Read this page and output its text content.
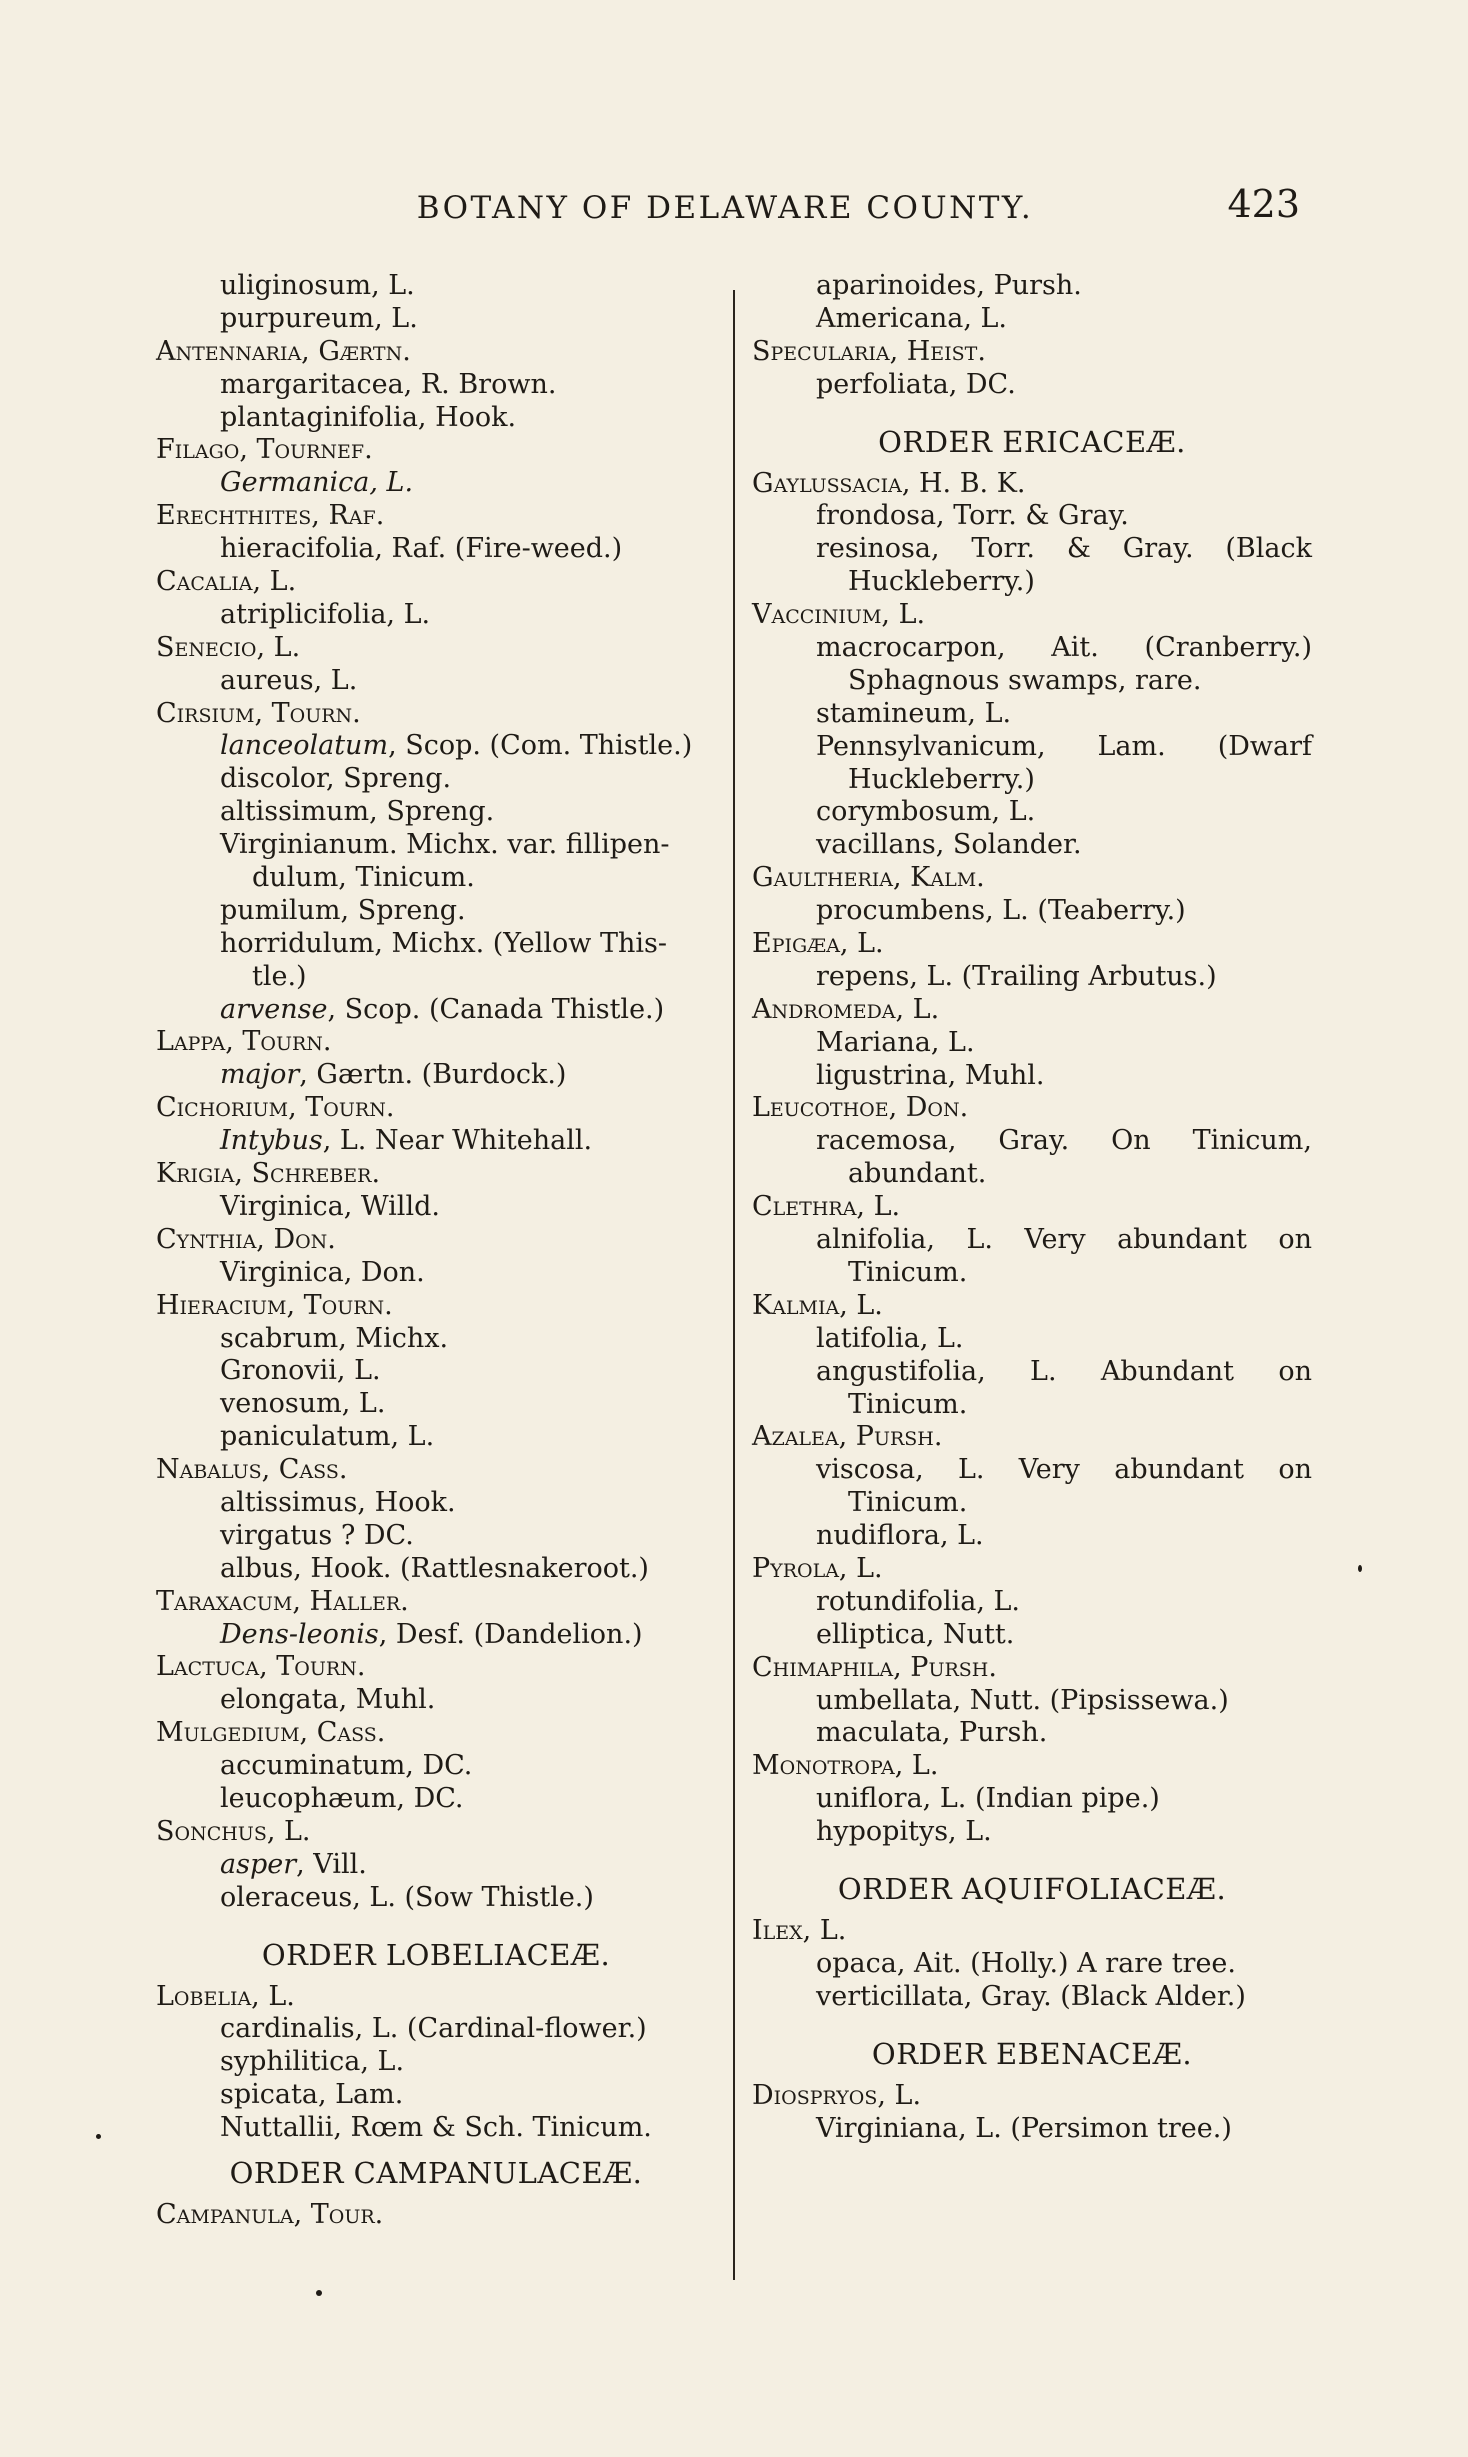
BOTANY OF DELAWARE COUNTY.	423
uliginosum, L.
purpureum, L.
Antennaria, Gærtn.
margaritacea, R. Brown.
plantaginifolia, Hook.
Filago, Tournef.
Germanica, L.
Erechthites, Raf.
hieracifolia, Raf. (Fire-weed.)
Cacalia, L.
atriplicifolia, L.
Senecio, L.
aureus, L.
Cirsium, Tourn.
lanceolatum, Scop. (Com. Thistle.)
discolor, Spreng.
altissimum, Spreng.
Virginianum. Michx. var. fillipen-
dulum, Tinicum.
pumilum, Spreng.
horridulum, Michx. (Yellow This-
tle.)
arvense, Scop. (Canada Thistle.)
Lappa, Tourn.
major, Gærtn. (Burdock.)
Cichorium, Tourn.
Intybus, L. Near Whitehall.
Krigia, Schreber.
Virginica, Willd.
Cynthia, Don.
Virginica, Don.
Hieracium, Tourn.
scabrum, Michx.
Gronovii, L.
venosum, L.
paniculatum, L.
Nabalus, Cass.
altissimus, Hook.
virgatus ? DC.
albus, Hook. (Rattlesnakeroot.)
Taraxacum, Haller.
Dens-leonis, Desf. (Dandelion.)
Lactuca, Tourn.
elongata, Muhl.
Mulgedium, Cass.
accuminatum, DC.
leucophæum, DC.
Sonchus, L.
asper, Vill.
oleraceus, L. (Sow Thistle.)
ORDER LOBELIACEÆ.
Lobelia, L.
cardinalis, L. (Cardinal-flower.)
syphilitica, L.
spicata, Lam.
Nuttallii, Rœm & Sch. Tinicum.
ORDER CAMPANULACEÆ.
Campanula, Tour.
aparinoides, Pursh.
Americana, L.
Specularia, Heist.
perfoliata, DC.
ORDER ERICACEÆ.
Gaylussacia, H. B. K.
frondosa, Torr. & Gray.
resinosa, Torr. & Gray. (Black
Huckleberry.)
Vaccinium, L.
macrocarpon, Ait. (Cranberry.)
Sphagnous swamps, rare.
stamineum, L.
Pennsylvanicum, Lam. (Dwarf
Huckleberry.)
corymbosum, L.
vacillans, Solander.
Gaultheria, Kalm.
procumbens, L. (Teaberry.)
Epigæa, L.
repens, L. (Trailing Arbutus.)
Andromeda, L.
Mariana, L.
ligustrina, Muhl.
Leucothoe, Don.
racemosa, Gray. On Tinicum,
abundant.
Clethra, L.
alnifolia, L. Very abundant on
Tinicum.
Kalmia, L.
latifolia, L.
angustifolia, L. Abundant on
Tinicum.
Azalea, Pursh.
viscosa, L. Very abundant on
Tinicum.
nudiflora, L.
Pyrola, L.
rotundifolia, L.
elliptica, Nutt.
Chimaphila, Pursh.
umbellata, Nutt. (Pipsissewa.)
maculata, Pursh.
Monotropa, L.
uniflora, L. (Indian pipe.)
hypopitys, L.
ORDER AQUIFOLIACEÆ.
Ilex, L.
opaca, Ait. (Holly.) A rare tree.
verticillata, Gray. (Black Alder.)
ORDER EBENACEÆ.
Diospryos, L.
Virginiana, L. (Persimon tree.)
